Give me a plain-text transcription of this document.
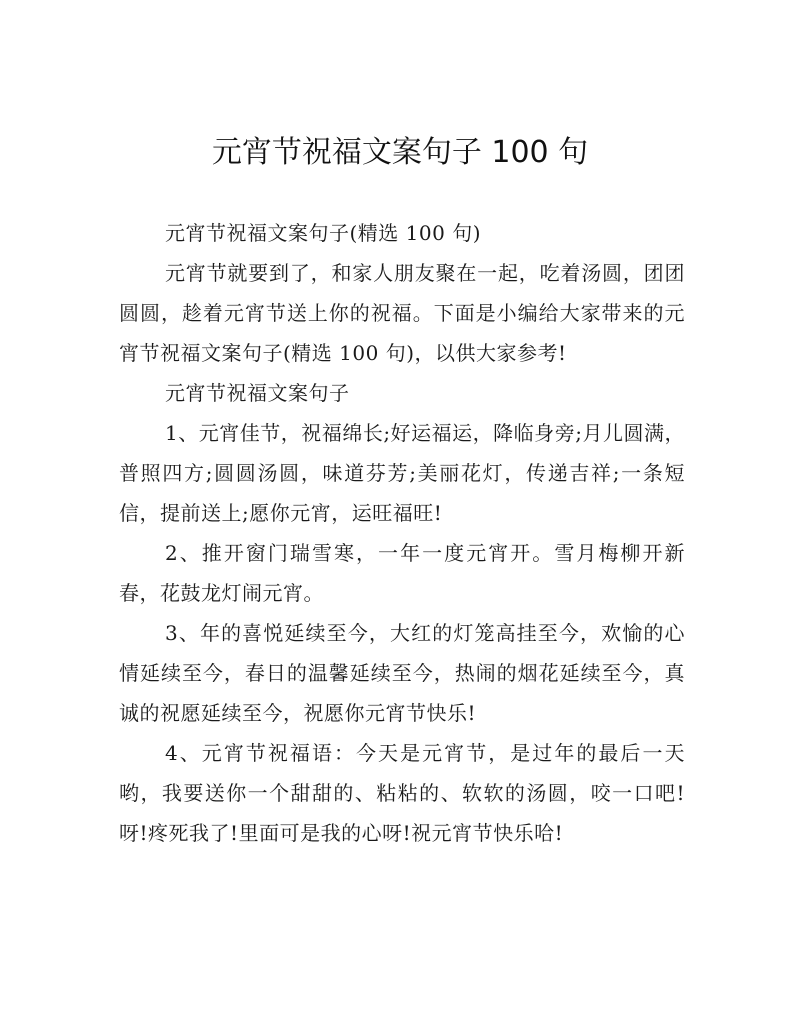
元宵节祝福文案句子 100 句

元宵节祝福文案句子(精选 100 句)

元宵节就要到了，和家人朋友聚在一起，吃着汤圆，团团圆圆，趁着元宵节送上你的祝福。下面是小编给大家带来的元宵节祝福文案句子(精选 100 句)，以供大家参考!

元宵节祝福文案句子

1、元宵佳节，祝福绵长;好运福运，降临身旁;月儿圆满，普照四方;圆圆汤圆，味道芬芳;美丽花灯，传递吉祥;一条短信，提前送上;愿你元宵，运旺福旺!

2、推开窗门瑞雪寒，一年一度元宵开。雪月梅柳开新春，花鼓龙灯闹元宵。

3、年的喜悦延续至今，大红的灯笼高挂至今，欢愉的心情延续至今，春日的温馨延续至今，热闹的烟花延续至今，真诚的祝愿延续至今，祝愿你元宵节快乐!

4、元宵节祝福语：今天是元宵节，是过年的最后一天哟，我要送你一个甜甜的、粘粘的、软软的汤圆，咬一口吧!呀!疼死我了!里面可是我的心呀!祝元宵节快乐哈!
